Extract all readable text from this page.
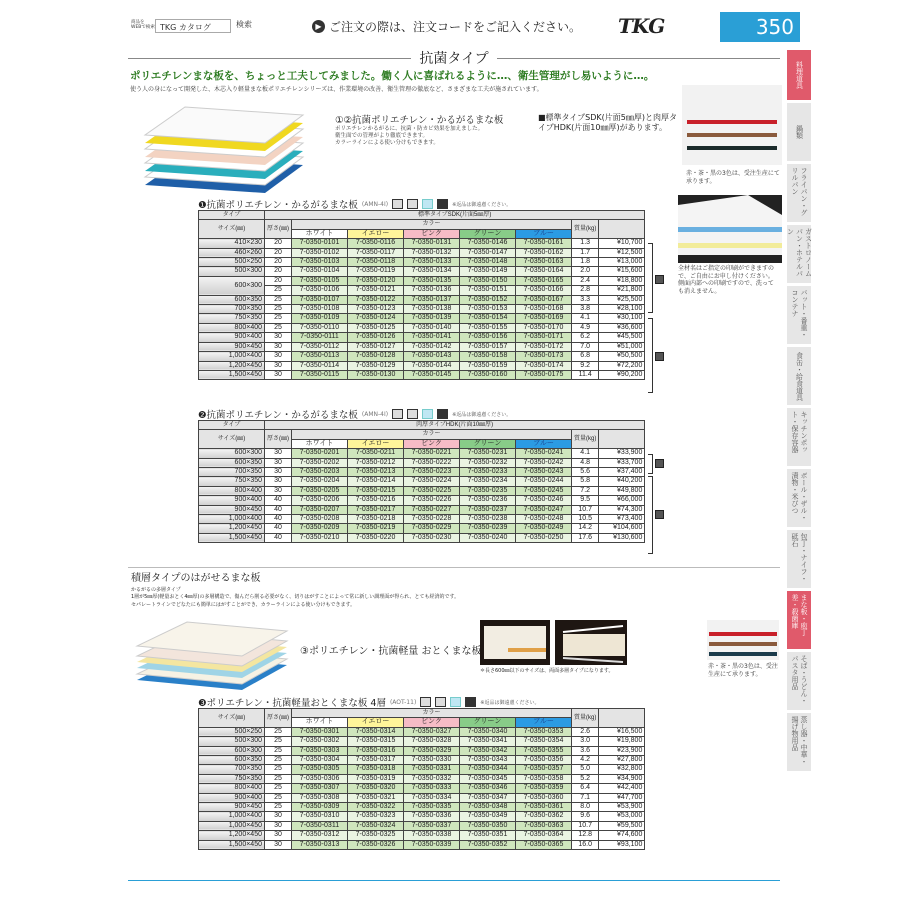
商品を WEBで検索 TKG カタログ	検索	▶ ご注文の際は、注文コードをご記入ください。 TKG	350
抗菌タイプ
ポリエチレンまな板を、ちょっと工夫してみました。働く人に喜ばれるように…、衛生管理がし易いように…。
使う人の身になって開発した、木芯入り軽量まな板ポリエチレンシリーズは、作業環境の改善、衛生管理の徹底など、さまざまな工夫が施されています。
①②抗菌ポリエチレン・かるがるまな板
ポリエチレンかるがるに、抗菌・防カビ効果を加えました。
衛生面での管理がより徹底できます。
カラーラインによる使い分けもできます。
■標準タイプSDK(片面5㎜厚)と肉厚タイプHDK(片面10㎜厚)があります。
赤・茶・黒の3色は、受注生産にて承ります。
全材名はご指定の印刷ができますので、ご自由にお申し付けください。側面内部への印刷ですので、洗っても消えません。
料理道具
鍋類
フライパン・グリルパン
ガストロノームパン・ホテルパン
バット・番重・コンテナ
食缶・給食道具
キッチンポット・保存容器
ボール・ザル・漬物・米びつ
包丁・ナイフ・砥石
まな板・庖丁差・殺菌庫
そば・うどん・パスタ用品
蒸し器・中華・揚げ物用品
❶抗菌ポリエチレン・かるがるまな板 (AMN-4I)	※返品は御遠慮ください。
タイプ	標準タイプSDK(片面5㎜厚)							
サイズ(㎜)	厚さ(㎜)	カラー					質量(kg)	
		ホワイト	イエロー	ピンク	グリーン	ブルー		
410×230	20	7-0350-0101	7-0350-0116	7-0350-0131	7-0350-0146	7-0350-0161	1.3	¥10,700
460×260	20	7-0350-0102	7-0350-0117	7-0350-0132	7-0350-0147	7-0350-0162	1.7	¥12,500
500×250	20	7-0350-0103	7-0350-0118	7-0350-0133	7-0350-0148	7-0350-0163	1.8	¥13,000
500×300	20	7-0350-0104	7-0350-0119	7-0350-0134	7-0350-0149	7-0350-0164	2.0	¥15,600
600×300	20	7-0350-0105	7-0350-0120	7-0350-0135	7-0350-0150	7-0350-0165	2.4	¥18,800
	25	7-0350-0106	7-0350-0121	7-0350-0136	7-0350-0151	7-0350-0166	2.8	¥21,800
600×350	25	7-0350-0107	7-0350-0122	7-0350-0137	7-0350-0152	7-0350-0167	3.3	¥25,500
700×350	25	7-0350-0108	7-0350-0123	7-0350-0138	7-0350-0153	7-0350-0168	3.8	¥28,100
750×350	25	7-0350-0109	7-0350-0124	7-0350-0139	7-0350-0154	7-0350-0169	4.1	¥30,100
800×400	25	7-0350-0110	7-0350-0125	7-0350-0140	7-0350-0155	7-0350-0170	4.9	¥36,600
900×400	30	7-0350-0111	7-0350-0126	7-0350-0141	7-0350-0156	7-0350-0171	6.2	¥45,500
900×450	30	7-0350-0112	7-0350-0127	7-0350-0142	7-0350-0157	7-0350-0172	7.0	¥51,000
1,000×400	30	7-0350-0113	7-0350-0128	7-0350-0143	7-0350-0158	7-0350-0173	6.8	¥50,500
1,200×450	30	7-0350-0114	7-0350-0129	7-0350-0144	7-0350-0159	7-0350-0174	9.2	¥72,200
1,500×450	30	7-0350-0115	7-0350-0130	7-0350-0145	7-0350-0160	7-0350-0175	11.4	¥90,200
❷抗菌ポリエチレン・かるがるまな板 (AMN-4I)	※返品は御遠慮ください。
タイプ	肉厚タイプHDK(片面10㎜厚)							
サイズ(㎜)	厚さ(㎜)	カラー					質量(kg)	
		ホワイト	イエロー	ピンク	グリーン	ブルー		
600×300	30	7-0350-0201	7-0350-0211	7-0350-0221	7-0350-0231	7-0350-0241	4.1	¥33,900
600×350	30	7-0350-0202	7-0350-0212	7-0350-0222	7-0350-0232	7-0350-0242	4.8	¥33,700
700×350	30	7-0350-0203	7-0350-0213	7-0350-0223	7-0350-0233	7-0350-0243	5.6	¥37,400
750×350	30	7-0350-0204	7-0350-0214	7-0350-0224	7-0350-0234	7-0350-0244	5.8	¥40,200
800×400	30	7-0350-0205	7-0350-0215	7-0350-0225	7-0350-0235	7-0350-0245	7.2	¥49,800
900×400	40	7-0350-0206	7-0350-0216	7-0350-0226	7-0350-0236	7-0350-0246	9.5	¥66,000
900×450	40	7-0350-0207	7-0350-0217	7-0350-0227	7-0350-0237	7-0350-0247	10.7	¥74,300
1,000×400	40	7-0350-0208	7-0350-0218	7-0350-0228	7-0350-0238	7-0350-0248	10.5	¥73,400
1,200×450	40	7-0350-0209	7-0350-0219	7-0350-0229	7-0350-0239	7-0350-0249	14.2	¥104,600
1,500×450	40	7-0350-0210	7-0350-0220	7-0350-0230	7-0350-0240	7-0350-0250	17.6	¥130,600
積層タイプのはがせるまな板
かるがるの多層タイプ
1層が5㎜厚(軽量おとく4㎜厚)の多層構造で、傷んだら削る必要がなく、切りはがすことによって常に新しい調理面が得られ、とても経済的です。
セパレートラインでどなたにも簡単にはがすことができ、カラーラインによる使い分けもできます。
③ポリエチレン・抗菌軽量 おとくまな板
＊長さ600㎜以下のサイズは、両面多層タイプになります。
赤・茶・黒の3色は、受注生産にて承ります。
❸ポリエチレン・抗菌軽量おとくまな板 4層 (AOT-11)	※返品は御遠慮ください。
サイズ(㎜)	厚さ(㎜)	カラー					質量(kg)	
		ホワイト	イエロー	ピンク	グリーン	ブルー		
500×250	25	7-0350-0301	7-0350-0314	7-0350-0327	7-0350-0340	7-0350-0353	2.6	¥16,500
500×300	25	7-0350-0302	7-0350-0315	7-0350-0328	7-0350-0341	7-0350-0354	3.0	¥19,800
600×300	25	7-0350-0303	7-0350-0316	7-0350-0329	7-0350-0342	7-0350-0355	3.6	¥23,900
600×350	25	7-0350-0304	7-0350-0317	7-0350-0330	7-0350-0343	7-0350-0356	4.2	¥27,800
700×350	25	7-0350-0305	7-0350-0318	7-0350-0331	7-0350-0344	7-0350-0357	5.0	¥32,800
750×350	25	7-0350-0306	7-0350-0319	7-0350-0332	7-0350-0345	7-0350-0358	5.2	¥34,900
800×400	25	7-0350-0307	7-0350-0320	7-0350-0333	7-0350-0346	7-0350-0359	6.4	¥42,400
900×400	25	7-0350-0308	7-0350-0321	7-0350-0334	7-0350-0347	7-0350-0360	7.1	¥47,700
900×450	25	7-0350-0309	7-0350-0322	7-0350-0335	7-0350-0348	7-0350-0361	8.0	¥53,900
1,000×400	30	7-0350-0310	7-0350-0323	7-0350-0336	7-0350-0349	7-0350-0362	9.6	¥53,000
1,000×450	30	7-0350-0311	7-0350-0324	7-0350-0337	7-0350-0350	7-0350-0363	10.7	¥59,500
1,200×450	30	7-0350-0312	7-0350-0325	7-0350-0338	7-0350-0351	7-0350-0364	12.8	¥74,600
1,500×450	30	7-0350-0313	7-0350-0326	7-0350-0339	7-0350-0352	7-0350-0365	16.0	¥93,100
